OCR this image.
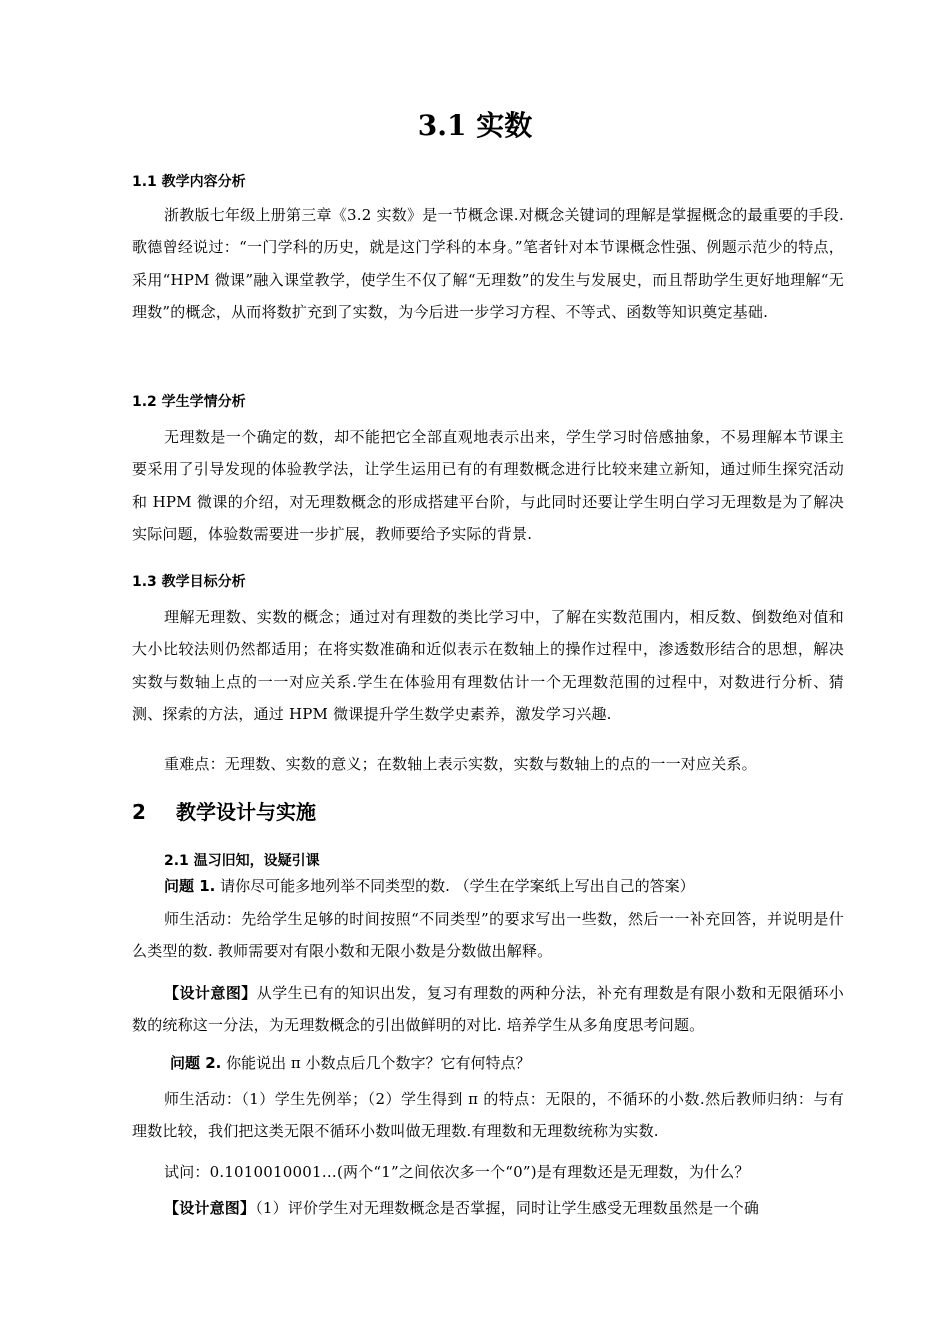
3.1 实数
1.1 教学内容分析
浙教版七年级上册第三章《3.2 实数》是一节概念课.对概念关键词的理解是掌握概念的最重要的手段.歌德曾经说过：“一门学科的历史，就是这门学科的本身。”笔者针对本节课概念性强、例题示范少的特点，采用“HPM 微课”融入课堂教学，使学生不仅了解“无理数”的发生与发展史，而且帮助学生更好地理解“无理数”的概念，从而将数扩充到了实数，为今后进一步学习方程、不等式、函数等知识奠定基础.
1.2 学生学情分析
无理数是一个确定的数，却不能把它全部直观地表示出来，学生学习时倍感抽象，不易理解本节课主要采用了引导发现的体验教学法，让学生运用已有的有理数概念进行比较来建立新知，通过师生探究活动和 HPM 微课的介绍，对无理数概念的形成搭建平台阶，与此同时还要让学生明白学习无理数是为了解决实际问题，体验数需要进一步扩展，教师要给予实际的背景.
1.3 教学目标分析
理解无理数、实数的概念；通过对有理数的类比学习中，了解在实数范围内，相反数、倒数绝对值和大小比较法则仍然都适用；在将实数准确和近似表示在数轴上的操作过程中，渗透数形结合的思想，解决实数与数轴上点的一一对应关系.学生在体验用有理数估计一个无理数范围的过程中，对数进行分析、猜测、探索的方法，通过 HPM 微课提升学生数学史素养，激发学习兴趣.
重难点：无理数、实数的意义；在数轴上表示实数，实数与数轴上的点的一一对应关系。
2 教学设计与实施
2.1 温习旧知，设疑引课
问题 1. 请你尽可能多地列举不同类型的数. （学生在学案纸上写出自己的答案）
师生活动：先给学生足够的时间按照“不同类型”的要求写出一些数，然后一一补充回答，并说明是什么类型的数. 教师需要对有限小数和无限小数是分数做出解释。
【设计意图】从学生已有的知识出发，复习有理数的两种分法，补充有理数是有限小数和无限循环小数的统称这一分法，为无理数概念的引出做鲜明的对比. 培养学生从多角度思考问题。
问题 2. 你能说出 π 小数点后几个数字？它有何特点？
师生活动：（1）学生先例举；（2）学生得到 π 的特点：无限的，不循环的小数.然后教师归纳：与有理数比较，我们把这类无限不循环小数叫做无理数.有理数和无理数统称为实数.
试问：0.1010010001…(两个“1”之间依次多一个“0”)是有理数还是无理数，为什么？
【设计意图】（1）评价学生对无理数概念是否掌握，同时让学生感受无理数虽然是一个确
